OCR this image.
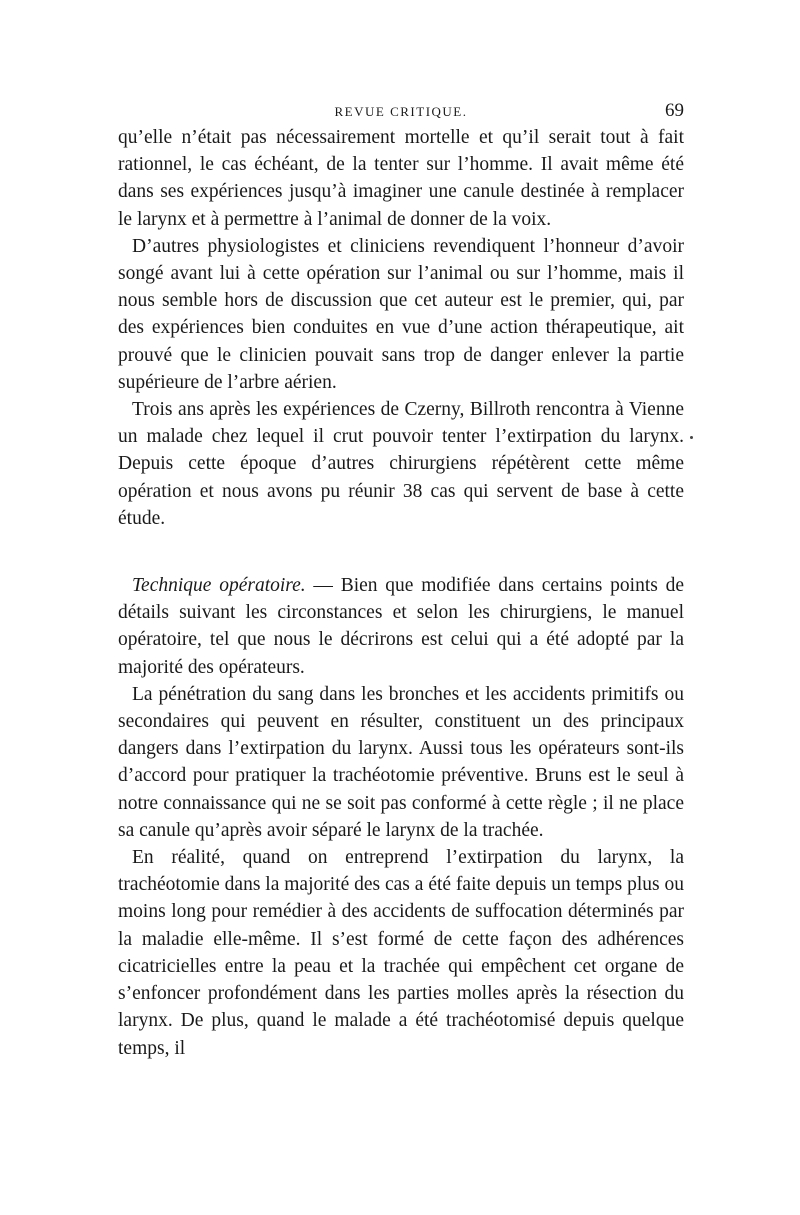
REVUE CRITIQUE.	69

qu’elle n’était pas nécessairement mortelle et qu’il serait tout à fait rationnel, le cas échéant, de la tenter sur l’homme. Il avait même été dans ses expériences jusqu’à imaginer une canule destinée à remplacer le larynx et à permettre à l’animal de donner de la voix.

D’autres physiologistes et cliniciens revendiquent l’honneur d’avoir songé avant lui à cette opération sur l’animal ou sur l’homme, mais il nous semble hors de discussion que cet auteur est le premier, qui, par des expériences bien conduites en vue d’une action thérapeutique, ait prouvé que le clinicien pouvait sans trop de danger enlever la partie supérieure de l’arbre aérien.

Trois ans après les expériences de Czerny, Billroth rencontra à Vienne un malade chez lequel il crut pouvoir tenter l’extirpation du larynx. Depuis cette époque d’autres chirurgiens répétèrent cette même opération et nous avons pu réunir 38 cas qui servent de base à cette étude.

Technique opératoire. — Bien que modifiée dans certains points de détails suivant les circonstances et selon les chirurgiens, le manuel opératoire, tel que nous le décrirons est celui qui a été adopté par la majorité des opérateurs.

La pénétration du sang dans les bronches et les accidents primitifs ou secondaires qui peuvent en résulter, constituent un des principaux dangers dans l’extirpation du larynx. Aussi tous les opérateurs sont-ils d’accord pour pratiquer la trachéotomie préventive. Bruns est le seul à notre connaissance qui ne se soit pas conformé à cette règle ; il ne place sa canule qu’après avoir séparé le larynx de la trachée.

En réalité, quand on entreprend l’extirpation du larynx, la trachéotomie dans la majorité des cas a été faite depuis un temps plus ou moins long pour remédier à des accidents de suffocation déterminés par la maladie elle-même. Il s’est formé de cette façon des adhérences cicatricielles entre la peau et la trachée qui empêchent cet organe de s’enfoncer profondément dans les parties molles après la résection du larynx. De plus, quand le malade a été trachéotomisé depuis quelque temps, il
